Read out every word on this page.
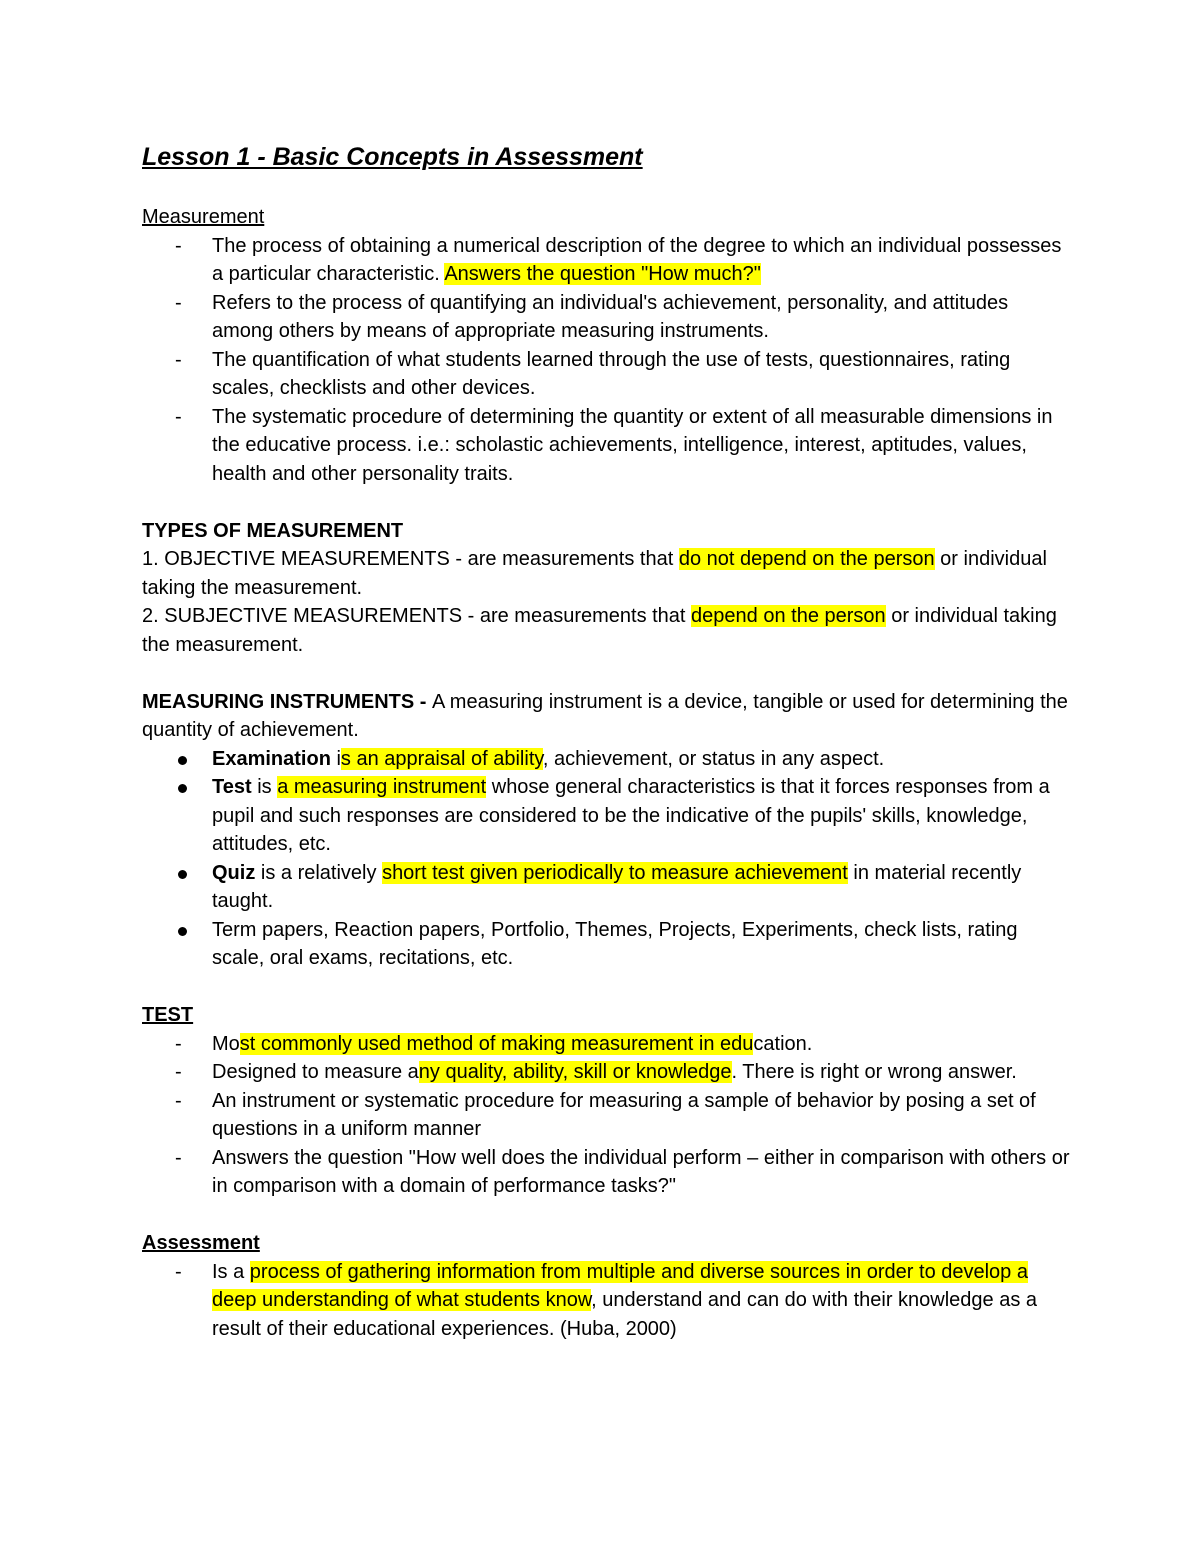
Lesson 1 - Basic Concepts in Assessment
Measurement
- The process of obtaining a numerical description of the degree to which an individual possesses a particular characteristic. Answers the question "How much?"
- Refers to the process of quantifying an individual's achievement, personality, and attitudes among others by means of appropriate measuring instruments.
- The quantification of what students learned through the use of tests, questionnaires, rating scales, checklists and other devices.
- The systematic procedure of determining the quantity or extent of all measurable dimensions in the educative process. i.e.: scholastic achievements, intelligence, interest, aptitudes, values, health and other personality traits.
TYPES OF MEASUREMENT

1. OBJECTIVE MEASUREMENTS - are measurements that do not depend on the person or individual taking the measurement.

2. SUBJECTIVE MEASUREMENTS - are measurements that depend on the person or individual taking the measurement.

MEASURING INSTRUMENTS - A measuring instrument is a device, tangible or used for determining the quantity of achievement.

Examination is an appraisal of ability, achievement, or status in any aspect.
Test is a measuring instrument whose general characteristics is that it forces responses from a pupil and such responses are considered to be the indicative of the pupils' skills, knowledge, attitudes, etc.
Quiz is a relatively short test given periodically to measure achievement in material recently taught.
Term papers, Reaction papers, Portfolio, Themes, Projects, Experiments, check lists, rating scale, oral exams, recitations, etc.
TEST
- Most commonly used method of making measurement in education.
- Designed to measure any quality, ability, skill or knowledge. There is right or wrong answer.
- An instrument or systematic procedure for measuring a sample of behavior by posing a set of questions in a uniform manner
- Answers the question "How well does the individual perform – either in comparison with others or in comparison with a domain of performance tasks?"
Assessment
- Is a process of gathering information from multiple and diverse sources in order to develop a deep understanding of what students know, understand and can do with their knowledge as a result of their educational experiences. (Huba, 2000)
